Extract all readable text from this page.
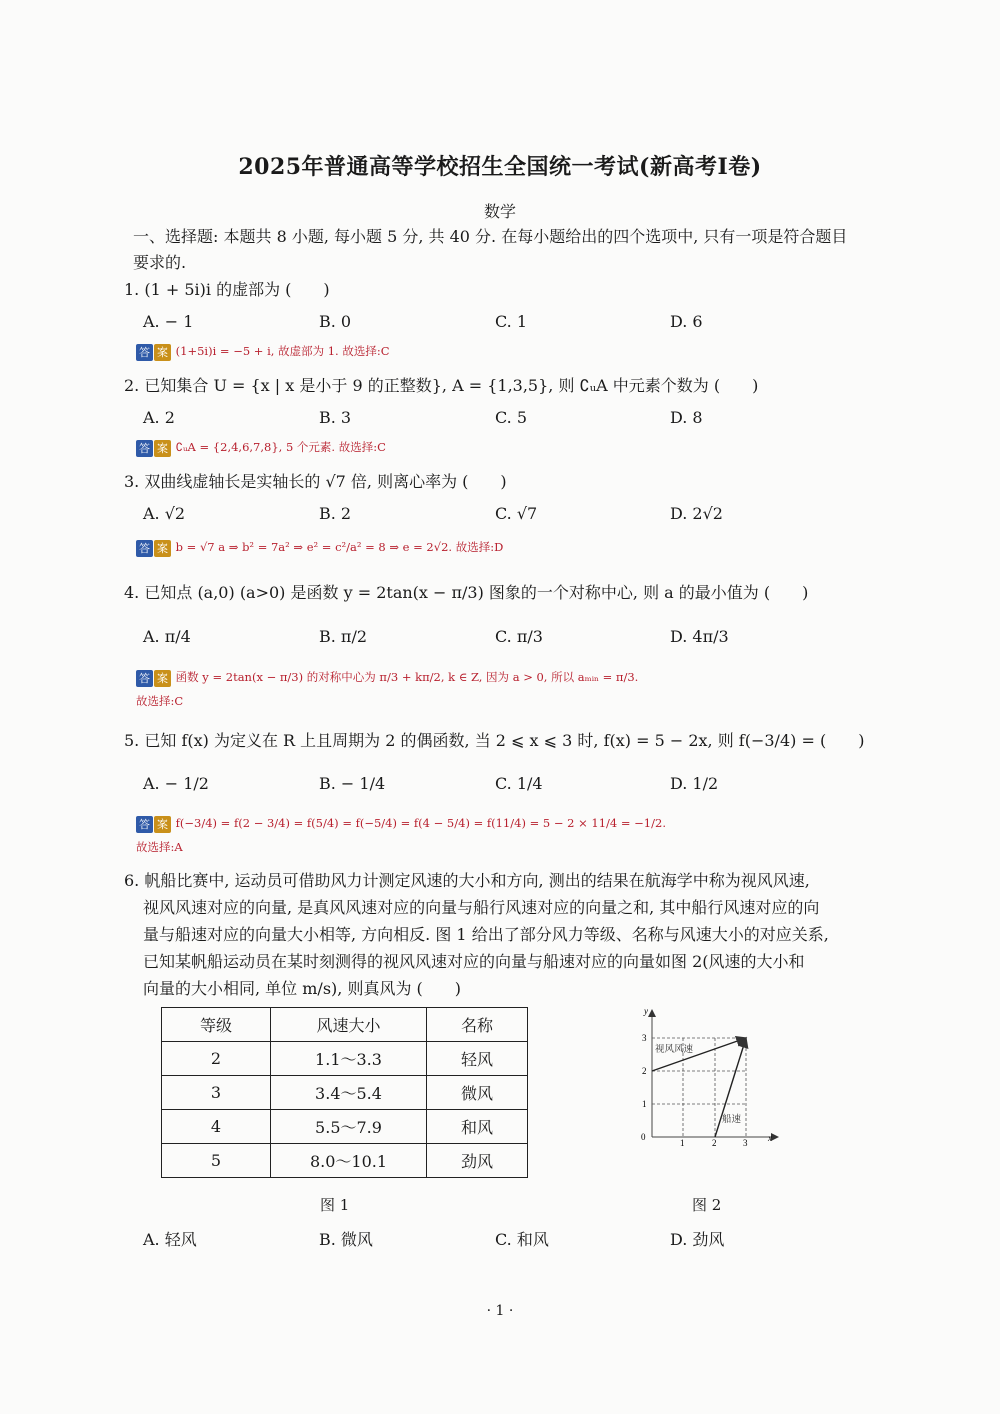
2025年普通高等学校招生全国统一考试(新高考I卷)
数学
一、选择题: 本题共 8 小题, 每小题 5 分, 共 40 分. 在每小题给出的四个选项中, 只有一项是符合题目
要求的.
1. (1 + 5i)i 的虚部为 (　　)
A. − 1	B. 0	C. 1	D. 6
答 案 (1+5i)i = −5 + i, 故虚部为 1. 故选择:C
2. 已知集合 U = {x | x 是小于 9 的正整数}, A = {1,3,5}, 则 ∁ᵤA 中元素个数为 (　　)
A. 2	B. 3	C. 5	D. 8
答 案 ∁ᵤA = {2,4,6,7,8}, 5 个元素. 故选择:C
3. 双曲线虚轴长是实轴长的 √7 倍, 则离心率为 (　　)
A. √2	B. 2	C. √7	D. 2√2
答 案 b = √7 a ⇒ b² = 7a² ⇒ e² = c²/a² = 8 ⇒ e = 2√2. 故选择:D
4. 已知点 (a,0) (a>0) 是函数 y = 2tan(x − π/3) 图象的一个对称中心, 则 a 的最小值为 (　　)
A. π/4	B. π/2	C. π/3	D. 4π/3
答 案 函数 y = 2tan(x − π/3) 的对称中心为 π/3 + kπ/2, k ∈ Z, 因为 a > 0, 所以 aₘᵢₙ = π/3.
故选择:C
5. 已知 f(x) 为定义在 R 上且周期为 2 的偶函数, 当 2 ⩽ x ⩽ 3 时, f(x) = 5 − 2x, 则 f(−3/4) = (　　)
A. − 1/2	B. − 1/4	C. 1/4	D. 1/2
答 案 f(−3/4) = f(2 − 3/4) = f(5/4) = f(−5/4) = f(4 − 5/4) = f(11/4) = 5 − 2 × 11/4 = −1/2.
故选择:A
6. 帆船比赛中, 运动员可借助风力计测定风速的大小和方向, 测出的结果在航海学中称为视风风速,
视风风速对应的向量, 是真风风速对应的向量与船行风速对应的向量之和, 其中船行风速对应的向
量与船速对应的向量大小相等, 方向相反. 图 1 给出了部分风力等级、名称与风速大小的对应关系,
已知某帆船运动员在某时刻测得的视风风速对应的向量与船速对应的向量如图 2(风速的大小和
向量的大小相同, 单位 m/s), 则真风为 (　　)
等级	风速大小	名称
2	1.1～3.3	轻风
3	3.4～5.4	微风
4	5.5～7.9	和风
5	8.0～10.1	劲风
图 1
y
x
0
1	2	3
1
2
3
视风风速
船速
图 2
A. 轻风	B. 微风	C. 和风	D. 劲风
· 1 ·
